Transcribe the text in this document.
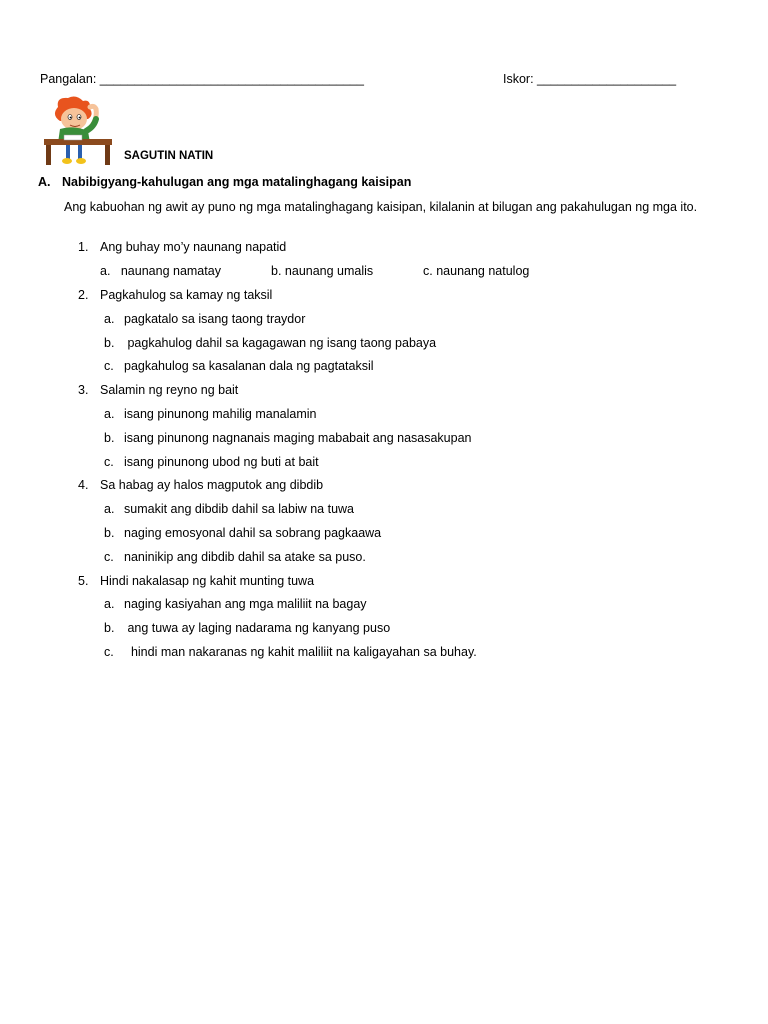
Pangalan: ______________________________________	Iskor: ____________________
SAGUTIN NATIN
A. Nabibigyang-kahulugan ang mga matalinghagang kaisipan
Ang kabuohan ng awit ay puno ng mga matalinghagang kaisipan, kilalanin at bilugan ang pakahulugan ng mga ito.
1. Ang buhay mo’y naunang napatid
a. naunang namatay	b. naunang umalis	c. naunang natulog
2. Pagkahulog sa kamay ng taksil
a. pagkatalo sa isang taong traydor
b. pagkahulog dahil sa kagagawan ng isang taong pabaya
c. pagkahulog sa kasalanan dala ng pagtataksil
3. Salamin ng reyno ng bait
a. isang pinunong mahilig manalamin
b. isang pinunong nagnanais maging mababait ang nasasakupan
c. isang pinunong ubod ng buti at bait
4. Sa habag ay halos magputok ang dibdib
a. sumakit ang dibdib dahil sa labiw na tuwa
b. naging emosyonal dahil sa sobrang pagkaawa
c. naninikip ang dibdib dahil sa atake sa puso.
5. Hindi nakalasap ng kahit munting tuwa
a. naging kasiyahan ang mga maliliit na bagay
b. ang tuwa ay laging nadarama ng kanyang puso
c.  hindi man nakaranas ng kahit maliliit na kaligayahan sa buhay.
